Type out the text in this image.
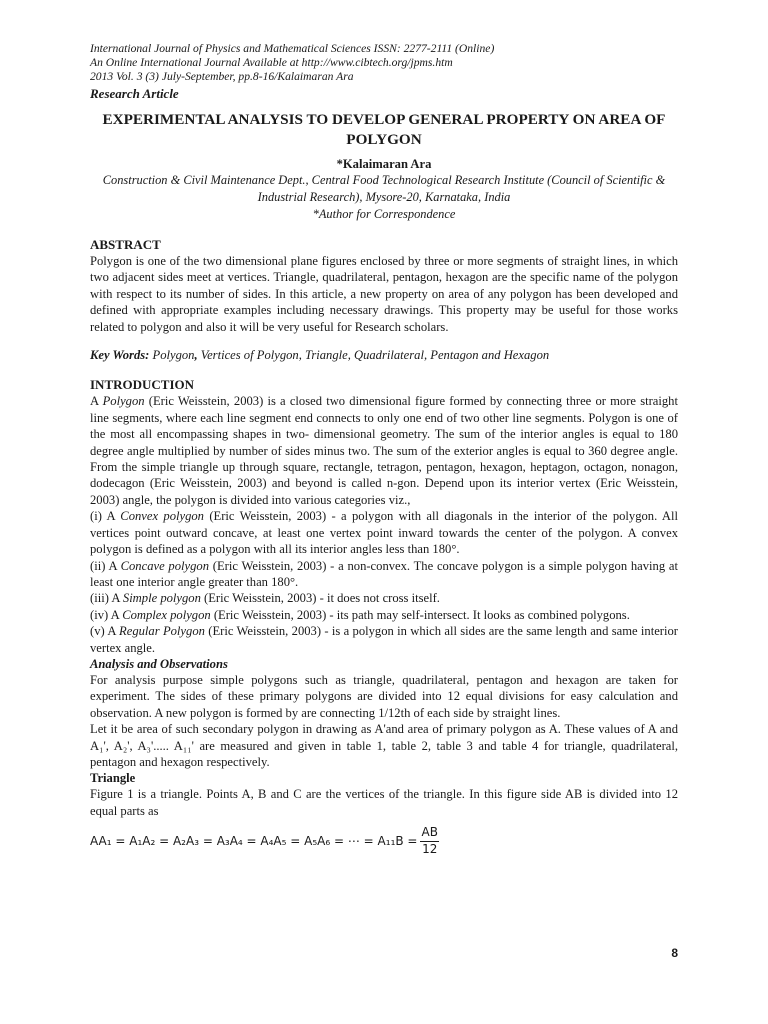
International Journal of Physics and Mathematical Sciences ISSN: 2277-2111 (Online)
An Online International Journal Available at http://www.cibtech.org/jpms.htm
2013 Vol. 3 (3) July-September, pp.8-16/Kalaimaran Ara
Research Article
EXPERIMENTAL ANALYSIS TO DEVELOP GENERAL PROPERTY ON AREA OF POLYGON
*Kalaimaran Ara
Construction & Civil Maintenance Dept., Central Food Technological Research Institute (Council of Scientific & Industrial Research), Mysore-20, Karnataka, India
*Author for Correspondence
ABSTRACT

Polygon is one of the two dimensional plane figures enclosed by three or more segments of straight lines, in which two adjacent sides meet at vertices. Triangle, quadrilateral, pentagon, hexagon are the specific name of the polygon with respect to its number of sides. In this article, a new property on area of any polygon has been developed and defined with appropriate examples including necessary drawings. This property may be useful for those works related to polygon and also it will be very useful for Research scholars.

Key Words: Polygon, Vertices of Polygon, Triangle, Quadrilateral, Pentagon and Hexagon

INTRODUCTION

A Polygon (Eric Weisstein, 2003) is a closed two dimensional figure formed by connecting three or more straight line segments, where each line segment end connects to only one end of two other line segments. Polygon is one of the most all encompassing shapes in two- dimensional geometry. The sum of the interior angles is equal to 180 degree angle multiplied by number of sides minus two. The sum of the exterior angles is equal to 360 degree angle. From the simple triangle up through square, rectangle, tetragon, pentagon, hexagon, heptagon, octagon, nonagon, dodecagon (Eric Weisstein, 2003) and beyond is called n-gon. Depend upon its interior vertex (Eric Weisstein, 2003) angle, the polygon is divided into various categories viz.,

(i) A Convex polygon (Eric Weisstein, 2003) - a polygon with all diagonals in the interior of the polygon. All vertices point outward concave, at least one vertex point inward towards the center of the polygon. A convex polygon is defined as a polygon with all its interior angles less than 180°.

(ii) A Concave polygon (Eric Weisstein, 2003) - a non-convex. The concave polygon is a simple polygon having at least one interior angle greater than 180°.

(iii) A Simple polygon (Eric Weisstein, 2003) - it does not cross itself.

(iv) A Complex polygon (Eric Weisstein, 2003) - its path may self-intersect. It looks as combined polygons.

(v) A Regular Polygon (Eric Weisstein, 2003) - is a polygon in which all sides are the same length and same interior vertex angle.

Analysis and Observations

For analysis purpose simple polygons such as triangle, quadrilateral, pentagon and hexagon are taken for experiment. The sides of these primary polygons are divided into 12 equal divisions for easy calculation and observation. A new polygon is formed by are connecting 1/12th of each side by straight lines.

Let it be area of such secondary polygon in drawing as A'and area of primary polygon as A. These values of A and A₁', A₂', A₃'..... A₁₁' are measured and given in table 1, table 2, table 3 and table 4 for triangle, quadrilateral, pentagon and hexagon respectively.

Triangle

Figure 1 is a triangle. Points A, B and C are the vertices of the triangle. In this figure side AB is divided into 12 equal parts as

AA₁ = A₁A₂ = A₂A₃ = A₃A₄ = A₄A₅ = A₅A₆ = ⋯ = $A_{11}B = \frac{AB}{12}$
8
